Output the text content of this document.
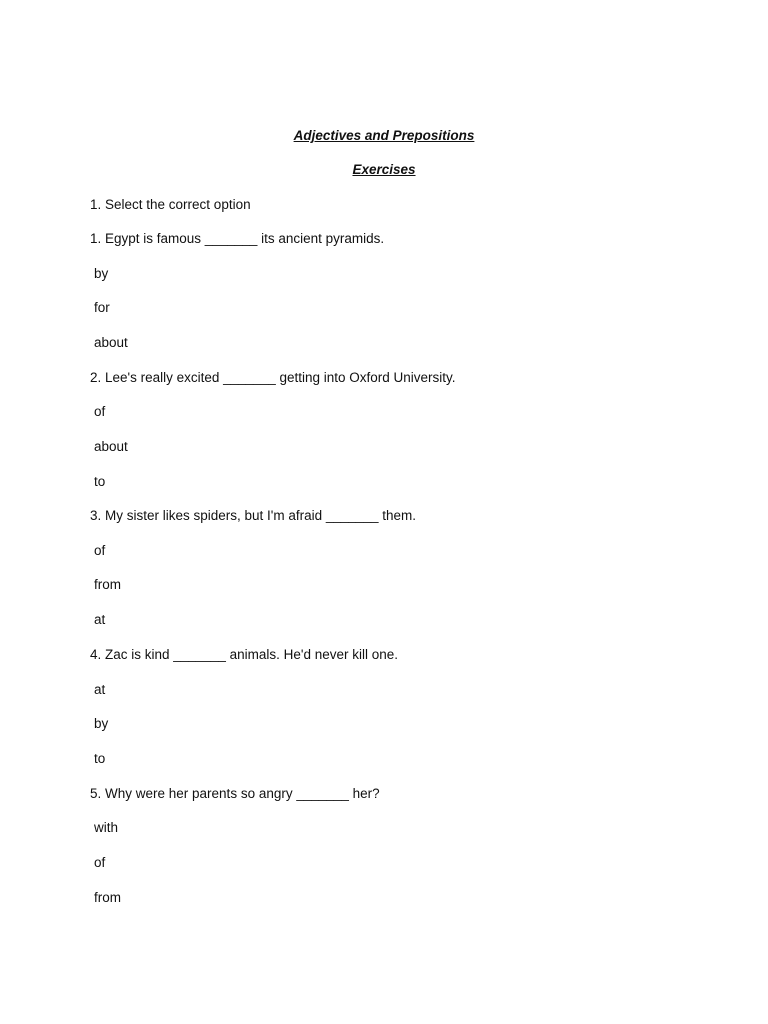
Adjectives and Prepositions
Exercises
1. Select the correct option
1. Egypt is famous _______ its ancient pyramids.
by
for
about
2. Lee's really excited _______ getting into Oxford University.
of
about
to
3. My sister likes spiders, but I'm afraid _______ them.
of
from
at
4. Zac is kind _______ animals. He'd never kill one.
at
by
to
5. Why were her parents so angry _______ her?
with
of
from
